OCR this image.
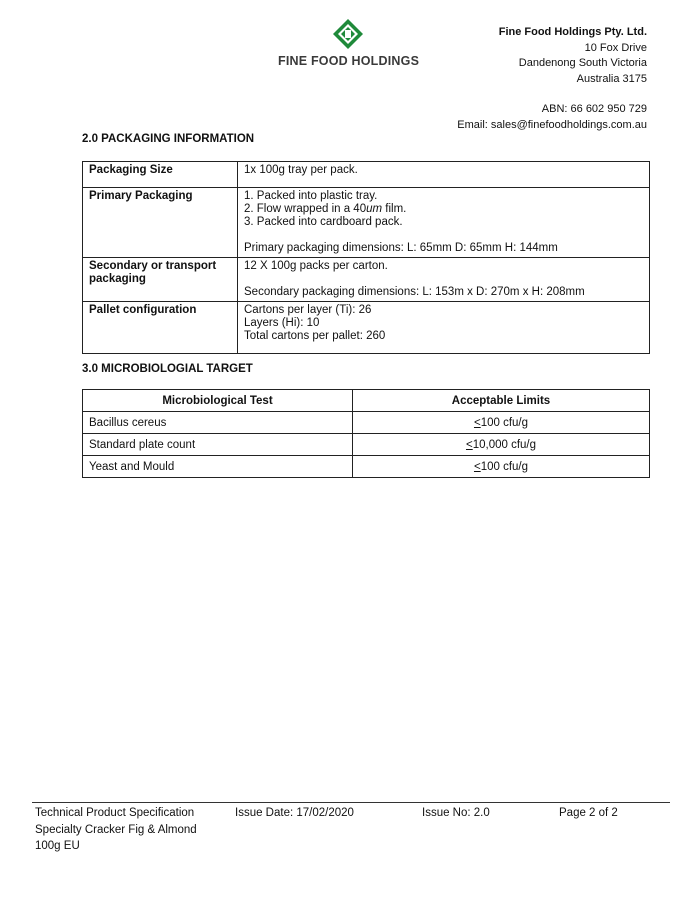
FINE FOOD HOLDINGS
Fine Food Holdings Pty. Ltd.
10 Fox Drive
Dandenong South Victoria
Australia 3175
ABN: 66 602 950 729
Email: sales@finefoodholdings.com.au
2.0 PACKAGING INFORMATION
Packaging Size	1x 100g tray per pack.

Primary Packaging	1. Packed into plastic tray.
2. Flow wrapped in a 40um film.
3. Packed into cardboard pack.
Primary packaging dimensions: L: 65mm D: 65mm H: 144mm

Secondary or transport packaging	12 X 100g packs per carton.
Secondary packaging dimensions: L: 153m x D: 270m x H: 208mm

Pallet configuration	Cartons per layer (Ti): 26
Layers (Hi): 10
Total cartons per pallet: 260
3.0 MICROBIOLOGIAL TARGET
Microbiological Test	Acceptable Limits
Bacillus cereus	<100 cfu/g
Standard plate count	<10,000 cfu/g
Yeast and Mould	<100 cfu/g
Technical Product Specification
Specialty Cracker Fig & Almond
100g EU
Issue Date: 17/02/2020	Issue No: 2.0	Page 2 of 2
